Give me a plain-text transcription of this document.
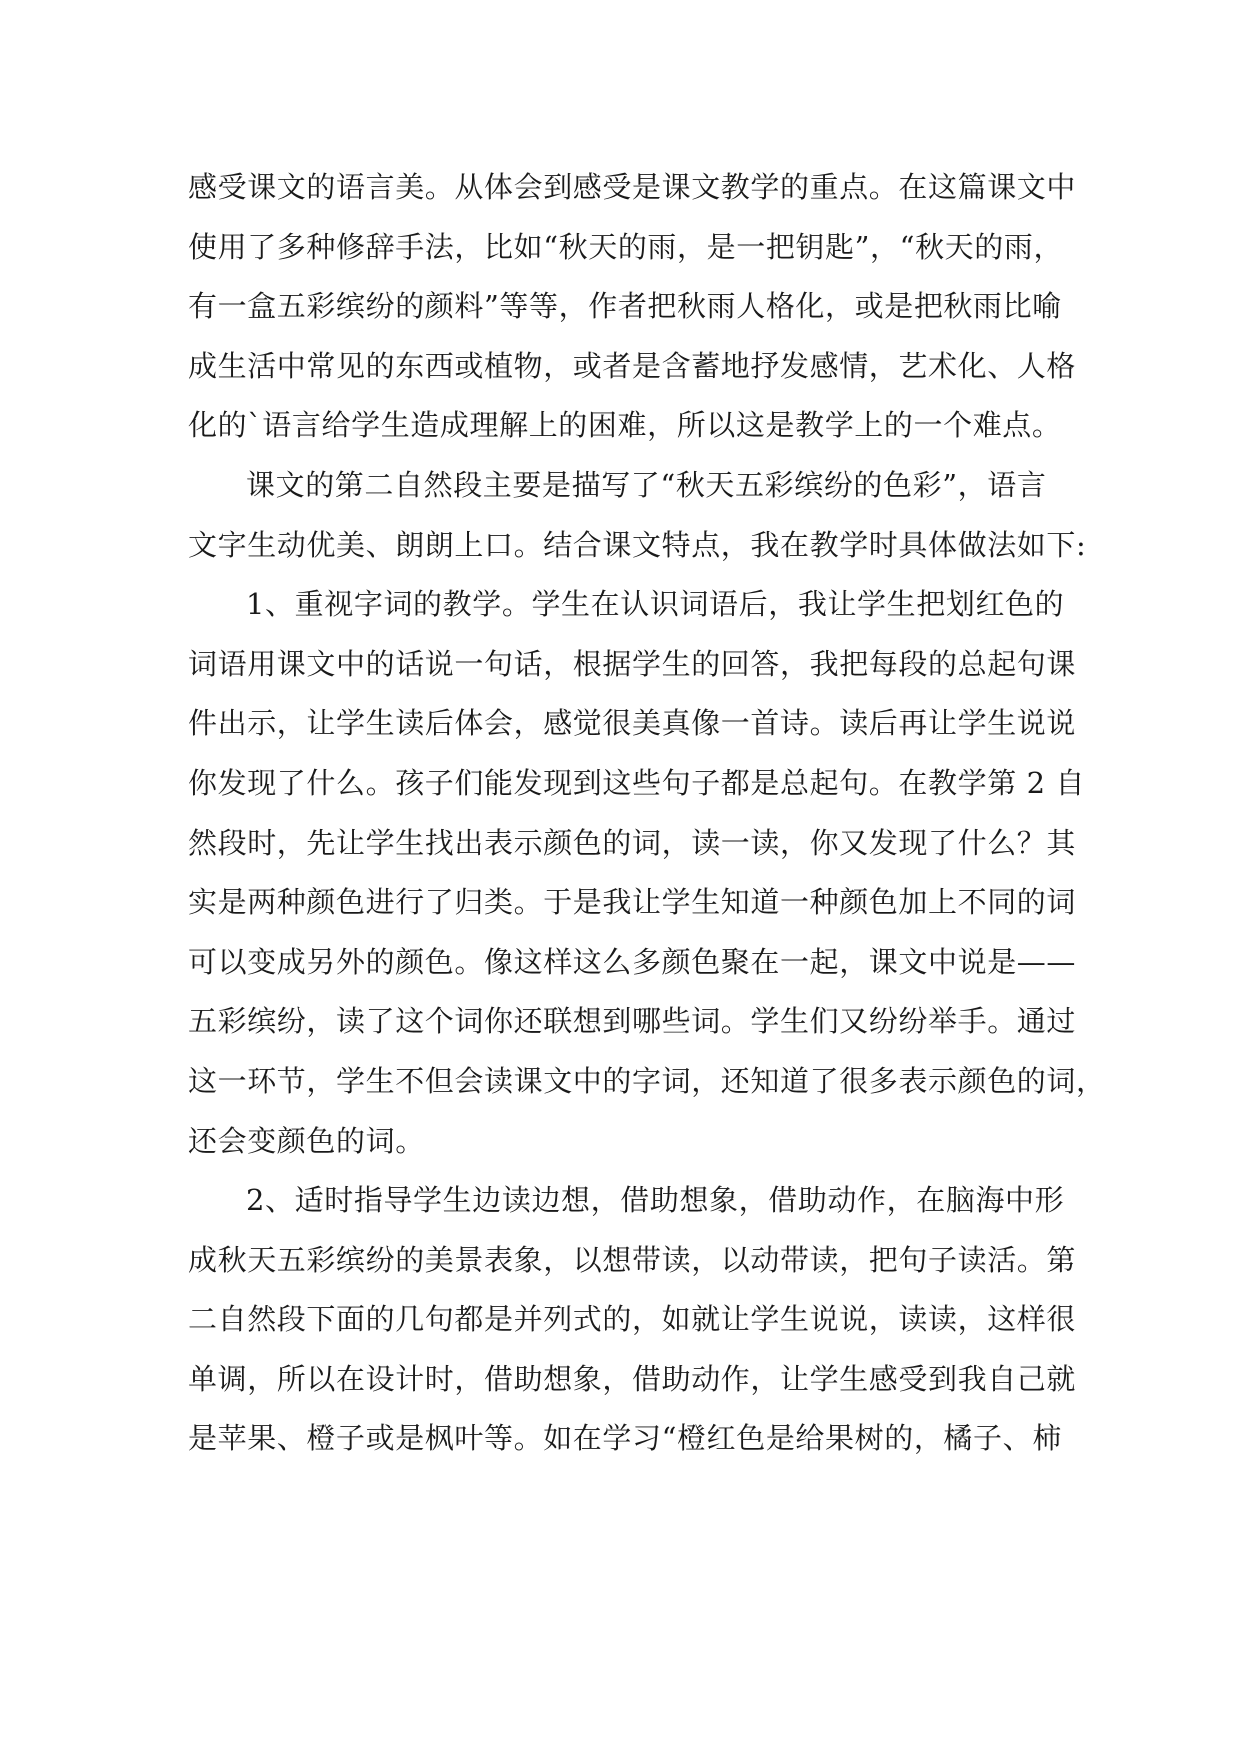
感受课文的语言美。从体会到感受是课文教学的重点。在这篇课文中
使用了多种修辞手法，比如“秋天的雨，是一把钥匙”，“秋天的雨，
有一盒五彩缤纷的颜料”等等，作者把秋雨人格化，或是把秋雨比喻
成生活中常见的东西或植物，或者是含蓄地抒发感情，艺术化、人格
化的`语言给学生造成理解上的困难，所以这是教学上的一个难点。
课文的第二自然段主要是描写了“秋天五彩缤纷的色彩”，语言
文字生动优美、朗朗上口。结合课文特点，我在教学时具体做法如下:
1、重视字词的教学。学生在认识词语后，我让学生把划红色的
词语用课文中的话说一句话，根据学生的回答，我把每段的总起句课
件出示，让学生读后体会，感觉很美真像一首诗。读后再让学生说说
你发现了什么。孩子们能发现到这些句子都是总起句。在教学第 2 自
然段时，先让学生找出表示颜色的词，读一读，你又发现了什么？其
实是两种颜色进行了归类。于是我让学生知道一种颜色加上不同的词
可以变成另外的颜色。像这样这么多颜色聚在一起，课文中说是——
五彩缤纷，读了这个词你还联想到哪些词。学生们又纷纷举手。通过
这一环节，学生不但会读课文中的字词，还知道了很多表示颜色的词，
还会变颜色的词。
2、适时指导学生边读边想，借助想象，借助动作，在脑海中形
成秋天五彩缤纷的美景表象，以想带读，以动带读，把句子读活。第
二自然段下面的几句都是并列式的，如就让学生说说，读读，这样很
单调，所以在设计时，借助想象，借助动作，让学生感受到我自己就
是苹果、橙子或是枫叶等。如在学习“橙红色是给果树的，橘子、柿
